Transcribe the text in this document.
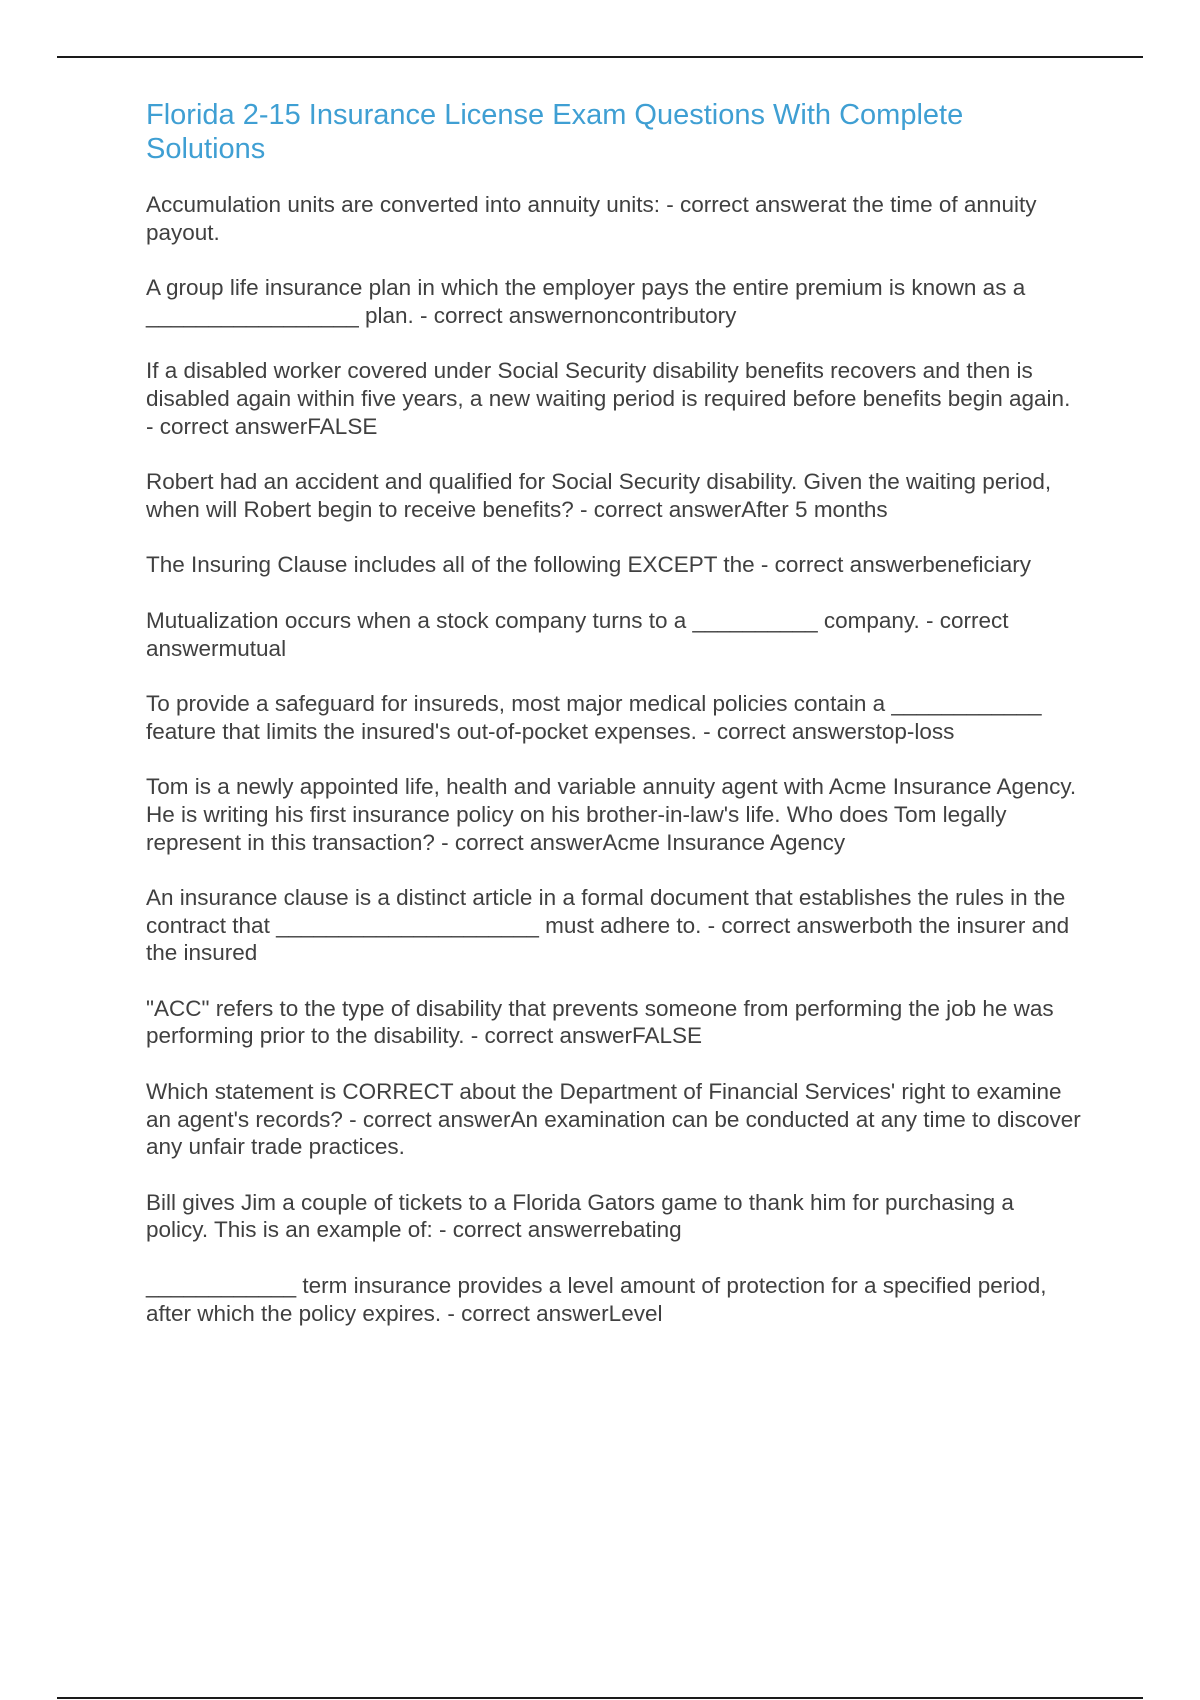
Florida 2-15 Insurance License Exam Questions With Complete Solutions

Accumulation units are converted into annuity units: - correct answerat the time of annuity payout.

A group life insurance plan in which the employer pays the entire premium is known as a _________________ plan. - correct answernoncontributory

If a disabled worker covered under Social Security disability benefits recovers and then is disabled again within five years, a new waiting period is required before benefits begin again. - correct answerFALSE

Robert had an accident and qualified for Social Security disability. Given the waiting period, when will Robert begin to receive benefits? - correct answerAfter 5 months

The Insuring Clause includes all of the following EXCEPT the - correct answerbeneficiary

Mutualization occurs when a stock company turns to a __________ company. - correct answermutual

To provide a safeguard for insureds, most major medical policies contain a ____________ feature that limits the insured's out-of-pocket expenses. - correct answerstop-loss

Tom is a newly appointed life, health and variable annuity agent with Acme Insurance Agency. He is writing his first insurance policy on his brother-in-law's life. Who does Tom legally represent in this transaction? - correct answerAcme Insurance Agency

An insurance clause is a distinct article in a formal document that establishes the rules in the contract that _____________________ must adhere to. - correct answerboth the insurer and the insured

"ACC" refers to the type of disability that prevents someone from performing the job he was performing prior to the disability. - correct answerFALSE

Which statement is CORRECT about the Department of Financial Services' right to examine an agent's records? - correct answerAn examination can be conducted at any time to discover any unfair trade practices.

Bill gives Jim a couple of tickets to a Florida Gators game to thank him for purchasing a policy. This is an example of: - correct answerrebating

____________ term insurance provides a level amount of protection for a specified period, after which the policy expires. - correct answerLevel
